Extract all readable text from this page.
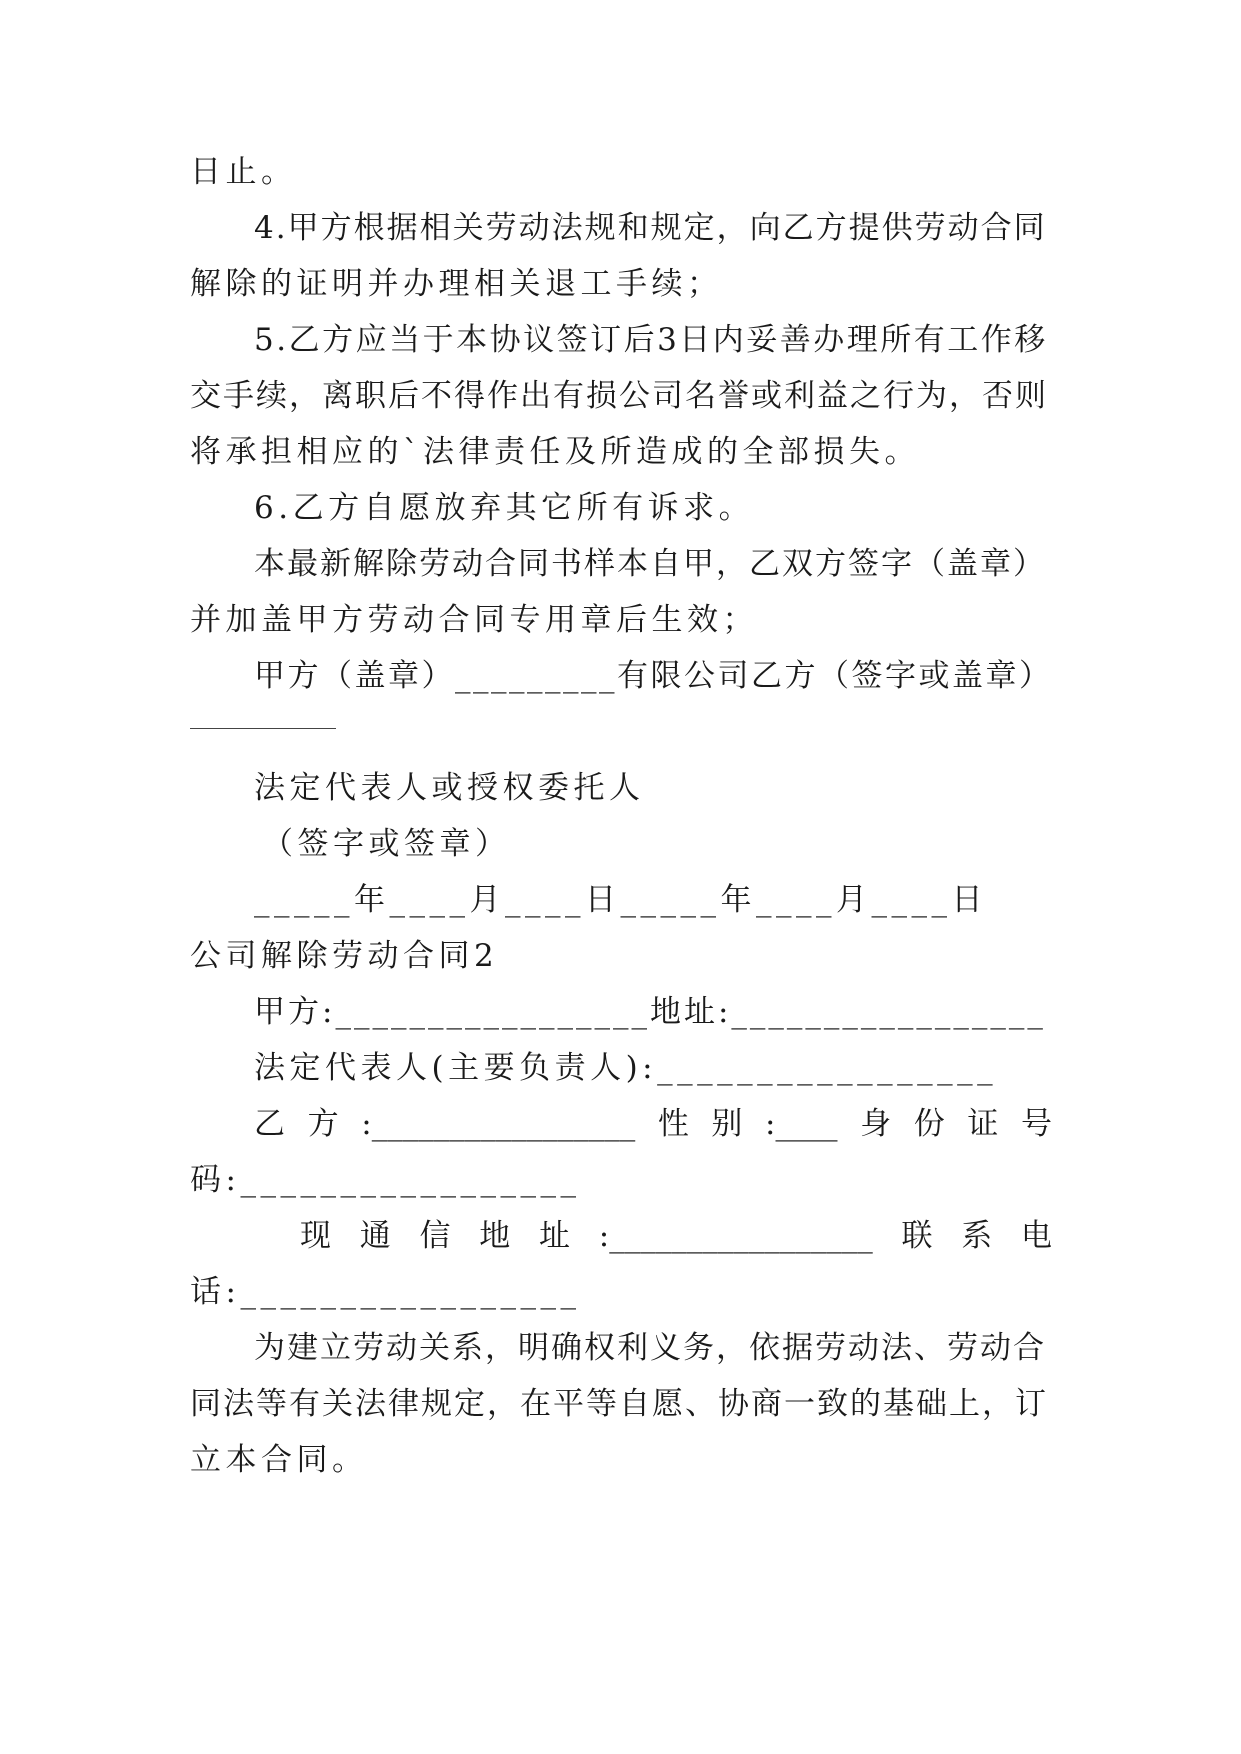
日止。
4.甲方根据相关劳动法规和规定，向乙方提供劳动合同
解除的证明并办理相关退工手续；
5.乙方应当于本协议签订后3日内妥善办理所有工作移
交手续，离职后不得作出有损公司名誉或利益之行为，否则
将承担相应的`法律责任及所造成的全部损失。
6.乙方自愿放弃其它所有诉求。
本最新解除劳动合同书样本自甲，乙双方签字（盖章）
并加盖甲方劳动合同专用章后生效；
甲方（盖章）_________有限公司乙方（签字或盖章）
法定代表人或授权委托人
（签字或签章）
_____年____月____日_____年____月____日
公司解除劳动合同2
甲方:_________________地址:_________________
法定代表人(主要负责人):_________________
乙方:_________________性别:____身份证号
码:_________________
现通信地址:_________________联系电
话:_________________
为建立劳动关系，明确权利义务，依据劳动法、劳动合
同法等有关法律规定，在平等自愿、协商一致的基础上，订
立本合同。
